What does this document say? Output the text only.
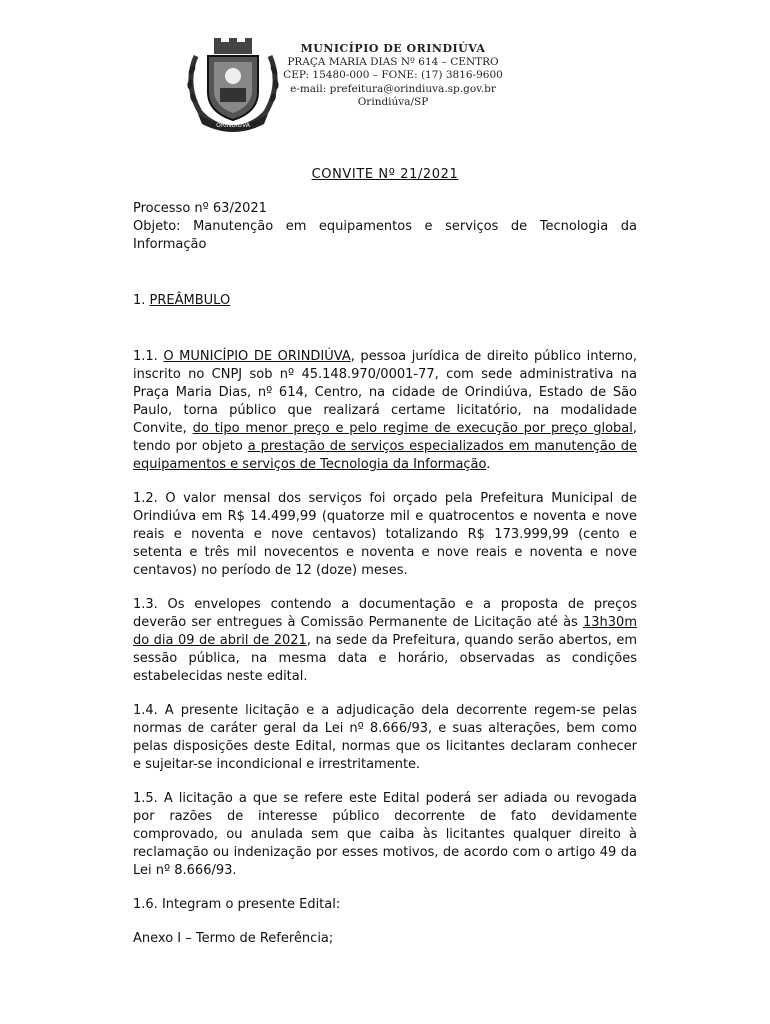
ORINDIUVA
MUNICÍPIO DE ORINDIÚVA
PRAÇA MARIA DIAS Nº 614 – CENTRO
CEP: 15480-000 – FONE: (17) 3816-9600
e-mail: prefeitura@orindiuva.sp.gov.br
Orindiúva/SP
CONVITE Nº 21/2021

Processo nº 63/2021

Objeto: Manutenção em equipamentos e serviços de Tecnologia da Informação

1. PREÂMBULO

1.1. O MUNICÍPIO DE ORINDIÚVA, pessoa jurídica de direito público interno, inscrito no CNPJ sob nº 45.148.970/0001-77, com sede administrativa na Praça Maria Dias, nº 614, Centro, na cidade de Orindiúva, Estado de São Paulo, torna público que realizará certame licitatório, na modalidade Convite, do tipo menor preço e pelo regime de execução por preço global, tendo por objeto a prestação de serviços especializados em manutenção de equipamentos e serviços de Tecnologia da Informação.

1.2. O valor mensal dos serviços foi orçado pela Prefeitura Municipal de Orindiúva em R$ 14.499,99 (quatorze mil e quatrocentos e noventa e nove reais e noventa e nove centavos) totalizando R$ 173.999,99 (cento e setenta e três mil novecentos e noventa e nove reais e noventa e nove centavos) no período de 12 (doze) meses.

1.3. Os envelopes contendo a documentação e a proposta de preços deverão ser entregues à Comissão Permanente de Licitação até às 13h30m do dia 09 de abril de 2021, na sede da Prefeitura, quando serão abertos, em sessão pública, na mesma data e horário, observadas as condições estabelecidas neste edital.

1.4. A presente licitação e a adjudicação dela decorrente regem-se pelas normas de caráter geral da Lei nº 8.666/93, e suas alterações, bem como pelas disposições deste Edital, normas que os licitantes declaram conhecer e sujeitar-se incondicional e irrestritamente.

1.5. A licitação a que se refere este Edital poderá ser adiada ou revogada por razões de interesse público decorrente de fato devidamente comprovado, ou anulada sem que caiba às licitantes qualquer direito à reclamação ou indenização por esses motivos, de acordo com o artigo 49 da Lei nº 8.666/93.

1.6. Integram o presente Edital:

Anexo I – Termo de Referência;
